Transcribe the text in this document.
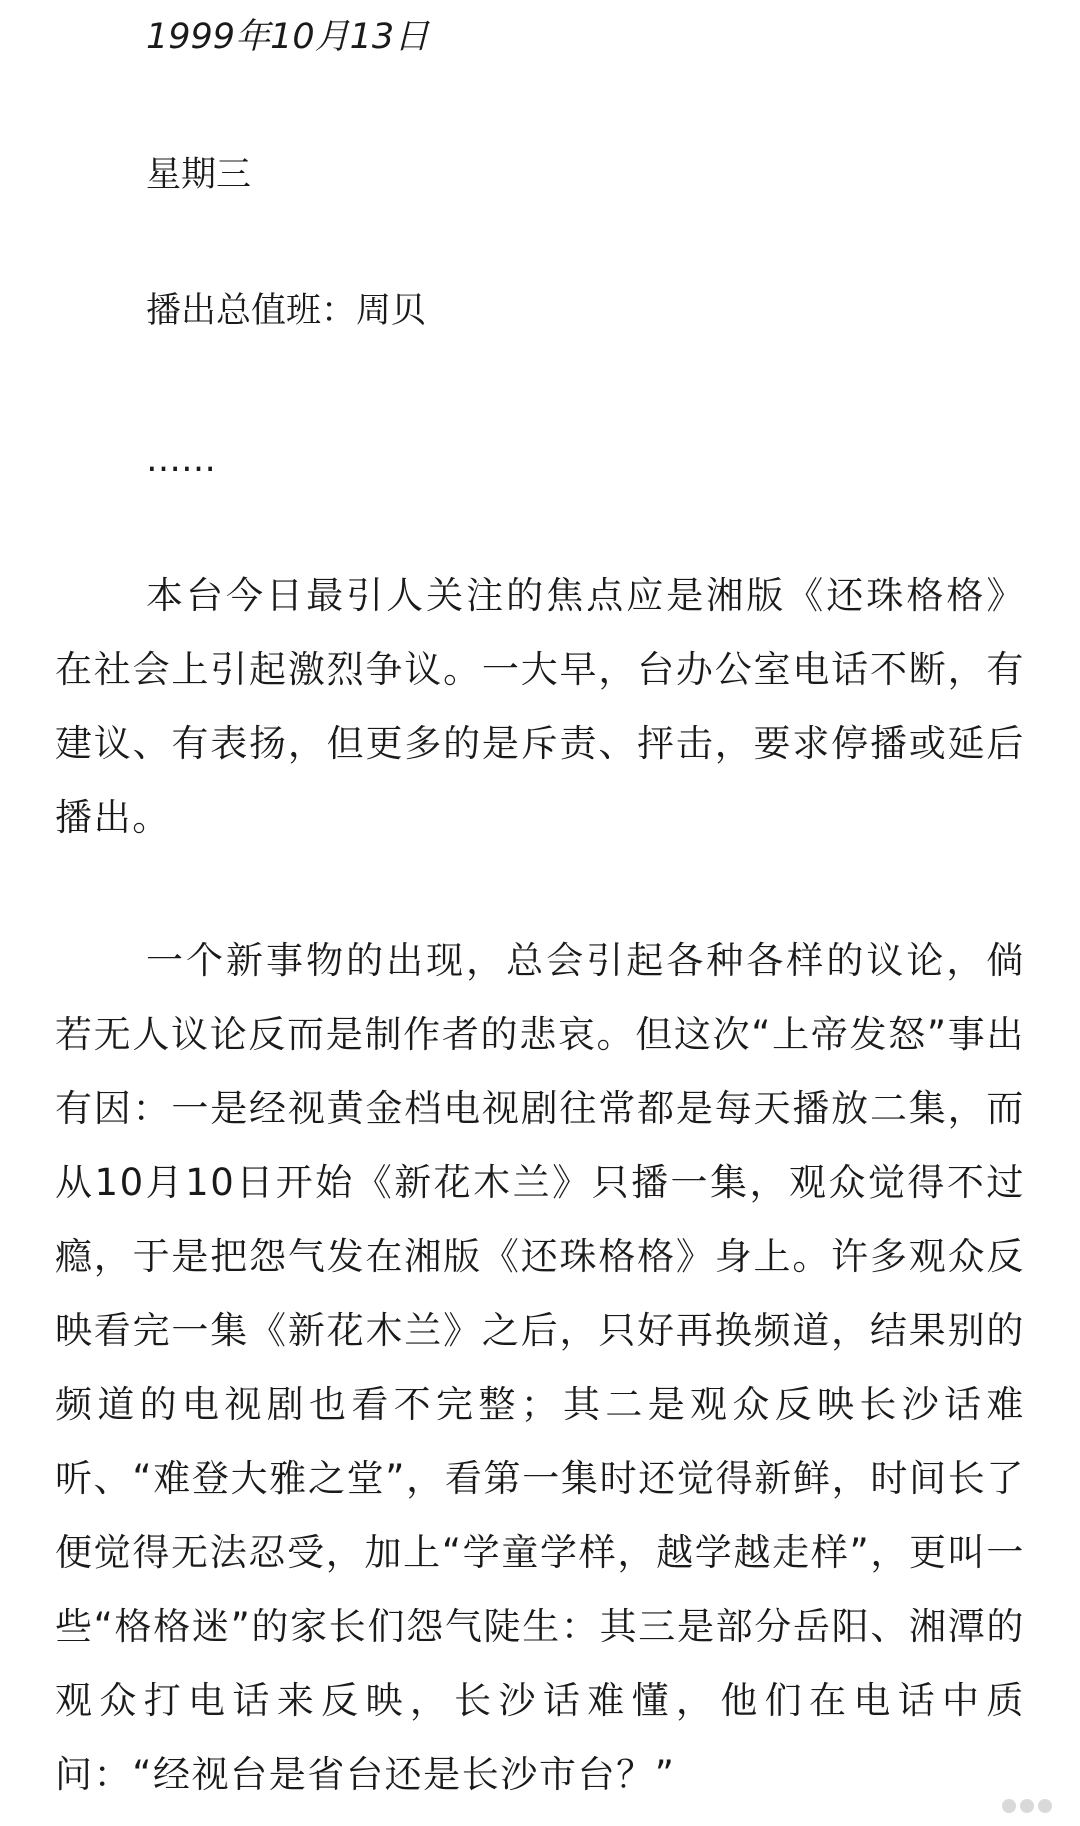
1999年10月13日
星期三
播出总值班：周贝
……

本台今日最引人关注的焦点应是湘版《还珠格格》在社会上引起激烈争议。一大早，台办公室电话不断，有建议、有表扬，但更多的是斥责、抨击，要求停播或延后播出。

一个新事物的出现，总会引起各种各样的议论，倘若无人议论反而是制作者的悲哀。但这次“上帝发怒”事出有因：一是经视黄金档电视剧往常都是每天播放二集，而从10月10日开始《新花木兰》只播一集，观众觉得不过瘾，于是把怨气发在湘版《还珠格格》身上。许多观众反映看完一集《新花木兰》之后，只好再换频道，结果别的频道的电视剧也看不完整；其二是观众反映长沙话难听、“难登大雅之堂”，看第一集时还觉得新鲜，时间长了便觉得无法忍受，加上“学童学样，越学越走样”，更叫一些“格格迷”的家长们怨气陡生：其三是部分岳阳、湘潭的观众打电话来反映，长沙话难懂，他们在电话中质问：“经视台是省台还是长沙市台？”
